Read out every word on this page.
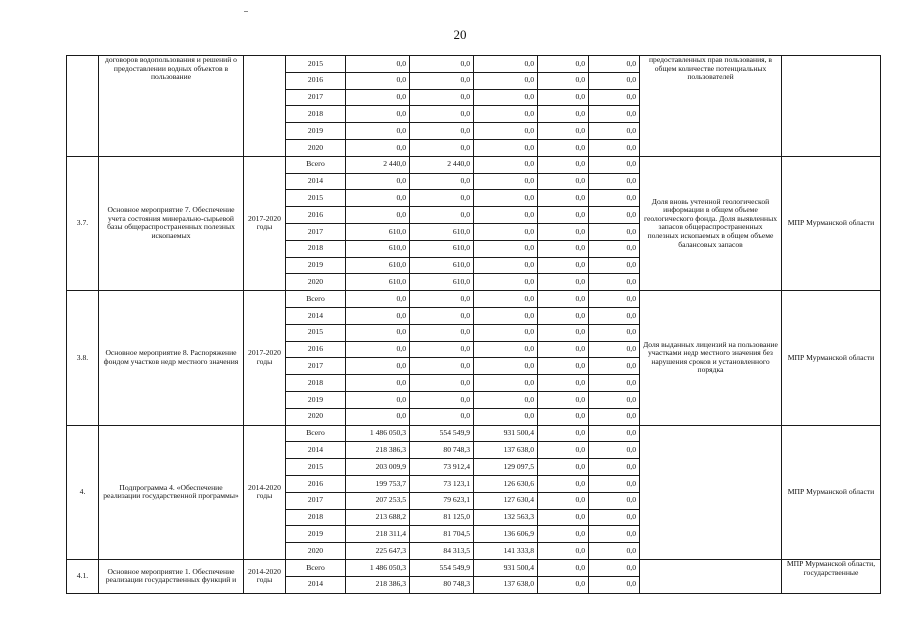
20
	договоров водопользования и решений о предоставлении водных объектов в пользование		2015	0,0	0,0	0,0	0,0	0,0	предоставленных прав пользования, в общем количестве потенциальных пользователей	
			2016	0,0	0,0	0,0	0,0	0,0		
			2017	0,0	0,0	0,0	0,0	0,0		
			2018	0,0	0,0	0,0	0,0	0,0		
			2019	0,0	0,0	0,0	0,0	0,0		
			2020	0,0	0,0	0,0	0,0	0,0		
3.7.	Основное мероприятие 7. Обеспечение учета состояния минерально-сырьевой базы общераспространенных полезных ископаемых	2017-2020 годы	Всего	2 440,0	2 440,0	0,0	0,0	0,0	Доля вновь учтенной геологической информации в общем объеме геологического фонда. Доля выявленных запасов общераспространенных полезных ископаемых в общем объеме балансовых запасов	МПР Мурманской области
			2014	0,0	0,0	0,0	0,0	0,0		
			2015	0,0	0,0	0,0	0,0	0,0		
			2016	0,0	0,0	0,0	0,0	0,0		
			2017	610,0	610,0	0,0	0,0	0,0		
			2018	610,0	610,0	0,0	0,0	0,0		
			2019	610,0	610,0	0,0	0,0	0,0		
			2020	610,0	610,0	0,0	0,0	0,0		
3.8.	Основное мероприятие 8. Распоряжение фондом участков недр местного значения	2017-2020 годы	Всего	0,0	0,0	0,0	0,0	0,0	Доля выданных лицензий на пользование участками недр местного значения без нарушения сроков и установленного порядка	МПР Мурманской области
			2014	0,0	0,0	0,0	0,0	0,0		
			2015	0,0	0,0	0,0	0,0	0,0		
			2016	0,0	0,0	0,0	0,0	0,0		
			2017	0,0	0,0	0,0	0,0	0,0		
			2018	0,0	0,0	0,0	0,0	0,0		
			2019	0,0	0,0	0,0	0,0	0,0		
			2020	0,0	0,0	0,0	0,0	0,0		
4.	Подпрограмма 4. «Обеспечение реализации государственной программы»	2014-2020 годы	Всего	1 486 050,3	554 549,9	931 500,4	0,0	0,0		МПР Мурманской области
			2014	218 386,3	80 748,3	137 638,0	0,0	0,0		
			2015	203 009,9	73 912,4	129 097,5	0,0	0,0		
			2016	199 753,7	73 123,1	126 630,6	0,0	0,0		
			2017	207 253,5	79 623,1	127 630,4	0,0	0,0		
			2018	213 688,2	81 125,0	132 563,3	0,0	0,0		
			2019	218 311,4	81 704,5	136 606,9	0,0	0,0		
			2020	225 647,3	84 313,5	141 333,8	0,0	0,0		
4.1.	Основное мероприятие 1. Обеспечение реализации государственных функций и	2014-2020 годы	Всего	1 486 050,3	554 549,9	931 500,4	0,0	0,0		МПР Мурманской области, государственные
			2014	218 386,3	80 748,3	137 638,0	0,0	0,0		
